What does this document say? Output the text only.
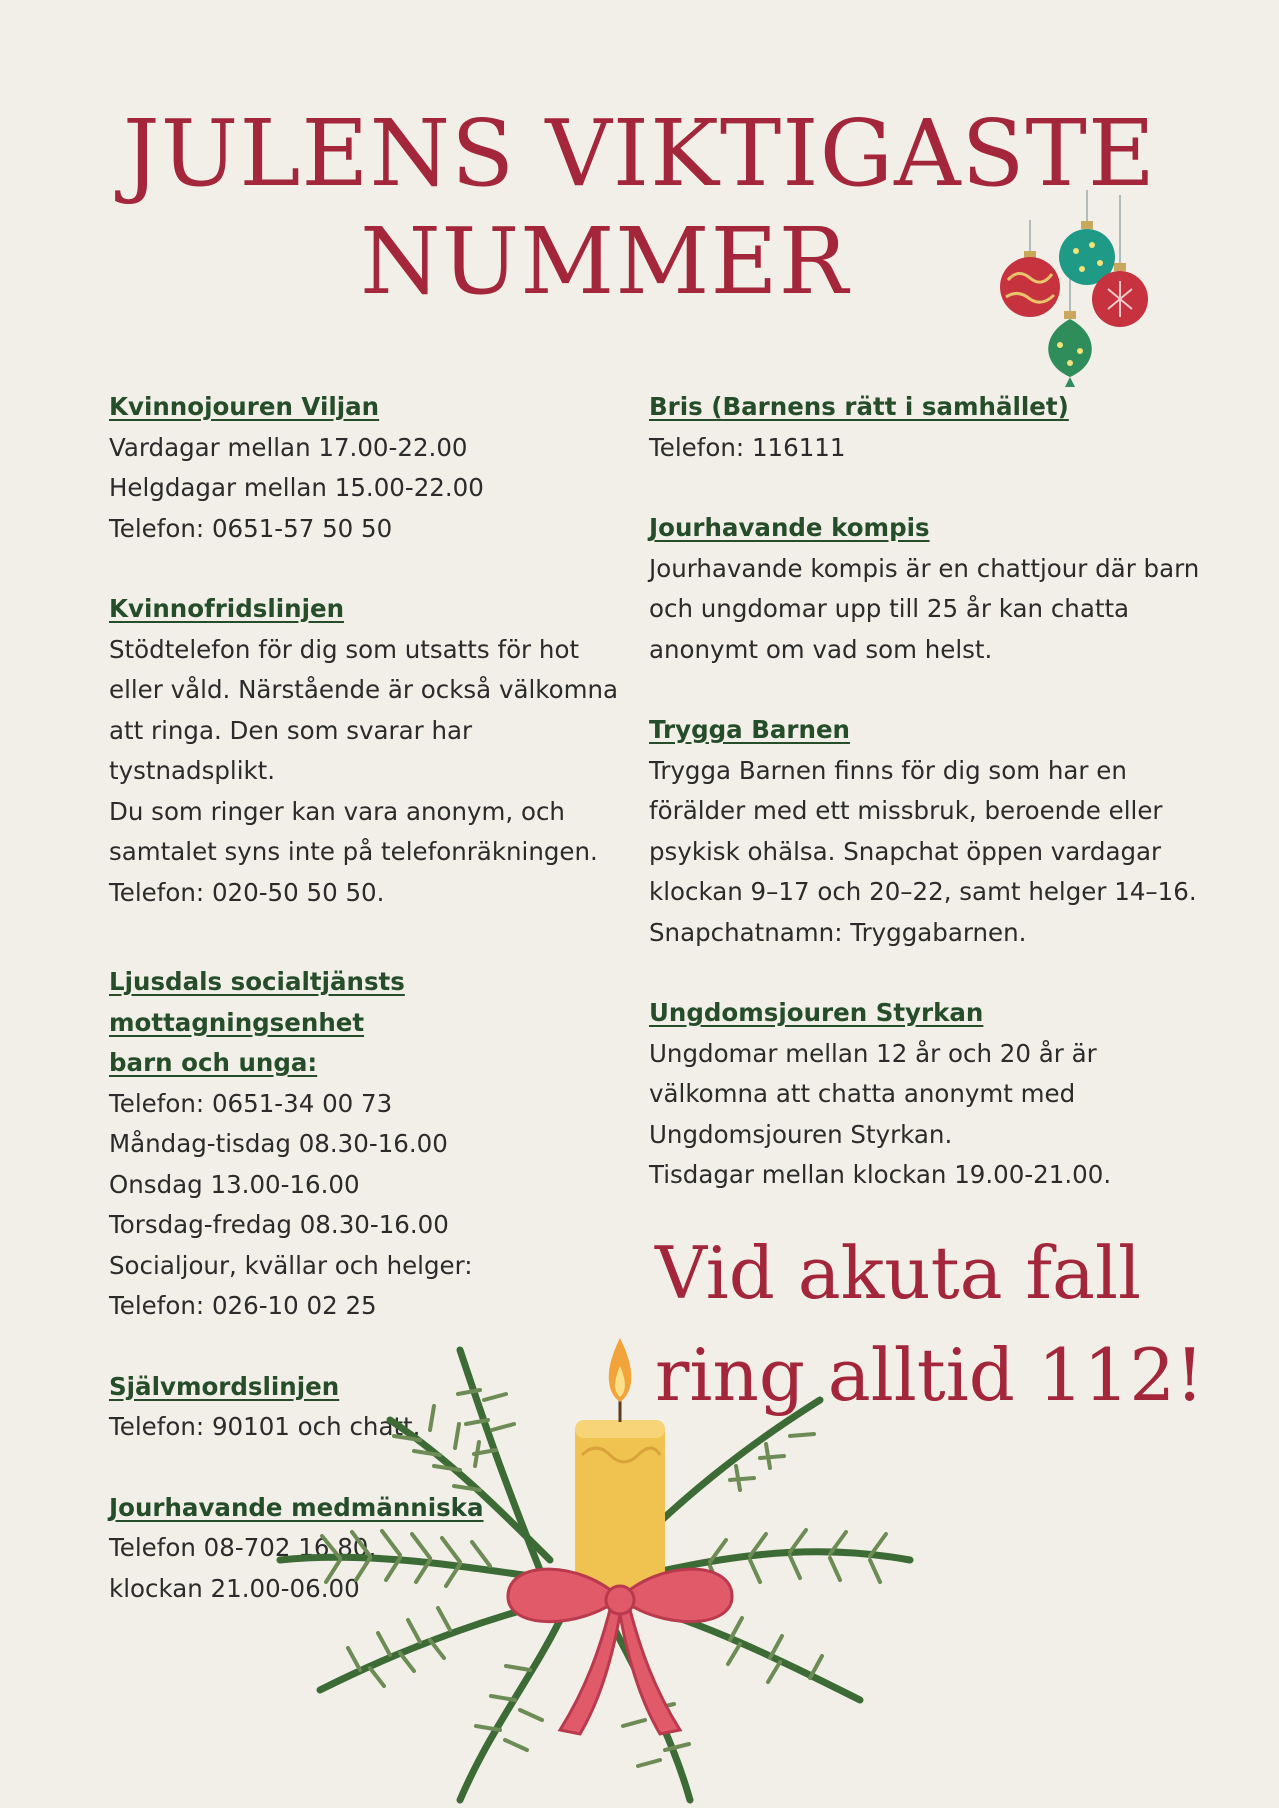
JULENS VIKTIGASTE
NUMMER
Kvinnojouren Viljan
Vardagar mellan 17.00-22.00
Helgdagar mellan 15.00-22.00
Telefon: 0651-57 50 50
Kvinnofridslinjen
Stödtelefon för dig som utsatts för hot
eller våld. Närstående är också välkomna
att ringa. Den som svarar har tystnadsplikt.
Du som ringer kan vara anonym, och
samtalet syns inte på telefonräkningen.
Telefon: 020-50 50 50.
Ljusdals socialtjänsts mottagningsenhet
barn och unga:
Telefon: 0651-34 00 73
Måndag-tisdag 08.30-16.00
Onsdag 13.00-16.00
Torsdag-fredag 08.30-16.00
Socialjour, kvällar och helger:
Telefon: 026-10 02 25
Självmordslinjen
Telefon: 90101 och chatt.
Jourhavande medmänniska
Telefon 08-702 16 80,
klockan 21.00-06.00
Bris (Barnens rätt i samhället)
Telefon: 116111
Jourhavande kompis
Jourhavande kompis är en chattjour där barn
och ungdomar upp till 25 år kan chatta
anonymt om vad som helst.
Trygga Barnen
Trygga Barnen finns för dig som har en
förälder med ett missbruk, beroende eller
psykisk ohälsa. Snapchat öppen vardagar
klockan 9–17 och 20–22, samt helger 14–16.
Snapchatnamn: Tryggabarnen.
Ungdomsjouren Styrkan
Ungdomar mellan 12 år och 20 år är
välkomna att chatta anonymt med
Ungdomsjouren Styrkan.
Tisdagar mellan klockan 19.00-21.00.
Vid akuta fall
ring alltid 112!
